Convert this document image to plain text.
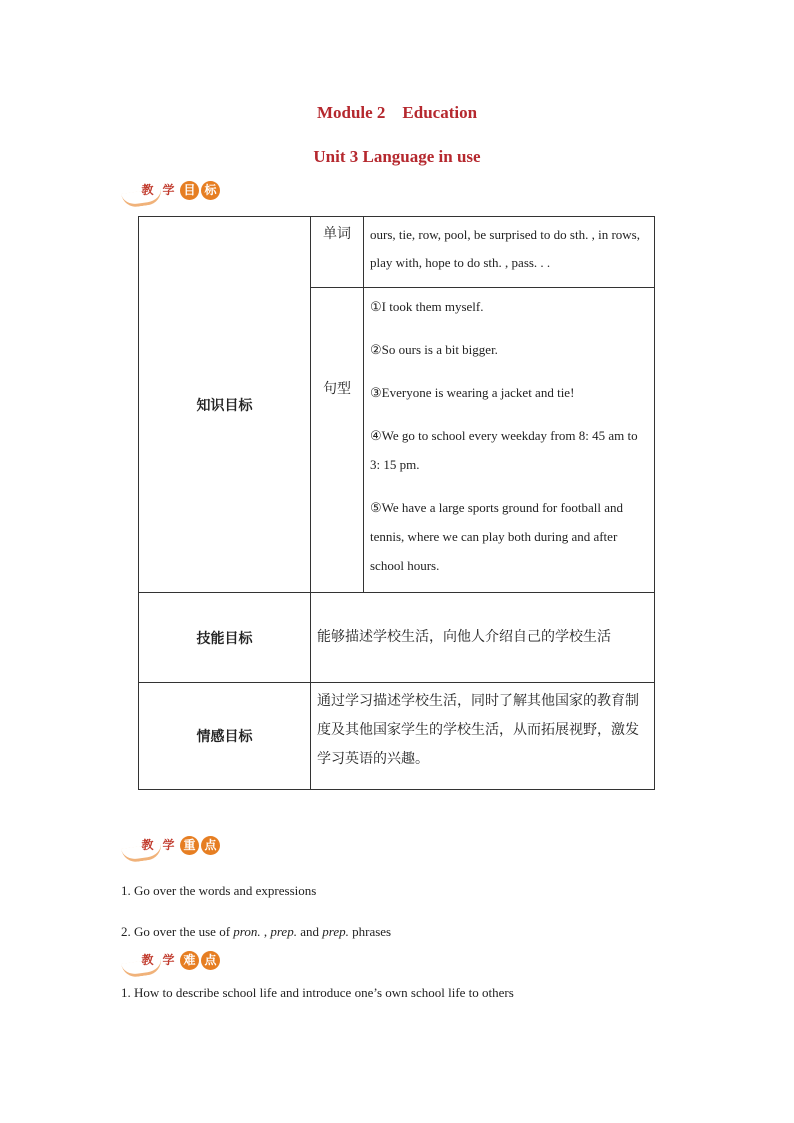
Module 2　Education
Unit 3 Language in use
教 学 目 标
知识目标	单词	ours, tie, row, pool, be surprised to do sth. , in rows, play with, hope to do sth. , pass. . .
	句型	①I took them myself.

②So ours is a bit bigger.

③Everyone is wearing a jacket and tie!

④We go to school every weekday from 8: 45 am to 3: 15 pm.

⑤We have a large sports ground for football and tennis, where we can play both during and after school hours.

技能目标	能够描述学校生活，向他人介绍自己的学校生活	
情感目标	通过学习描述学校生活，同时了解其他国家的教育制度及其他国家学生的学校生活，从而拓展视野，激发学习英语的兴趣。	
教 学 重 点
1. Go over the words and expressions
2. Go over the use of pron. , prep. and prep. phrases
教 学 难 点
1. How to describe school life and introduce one’s own school life to others
